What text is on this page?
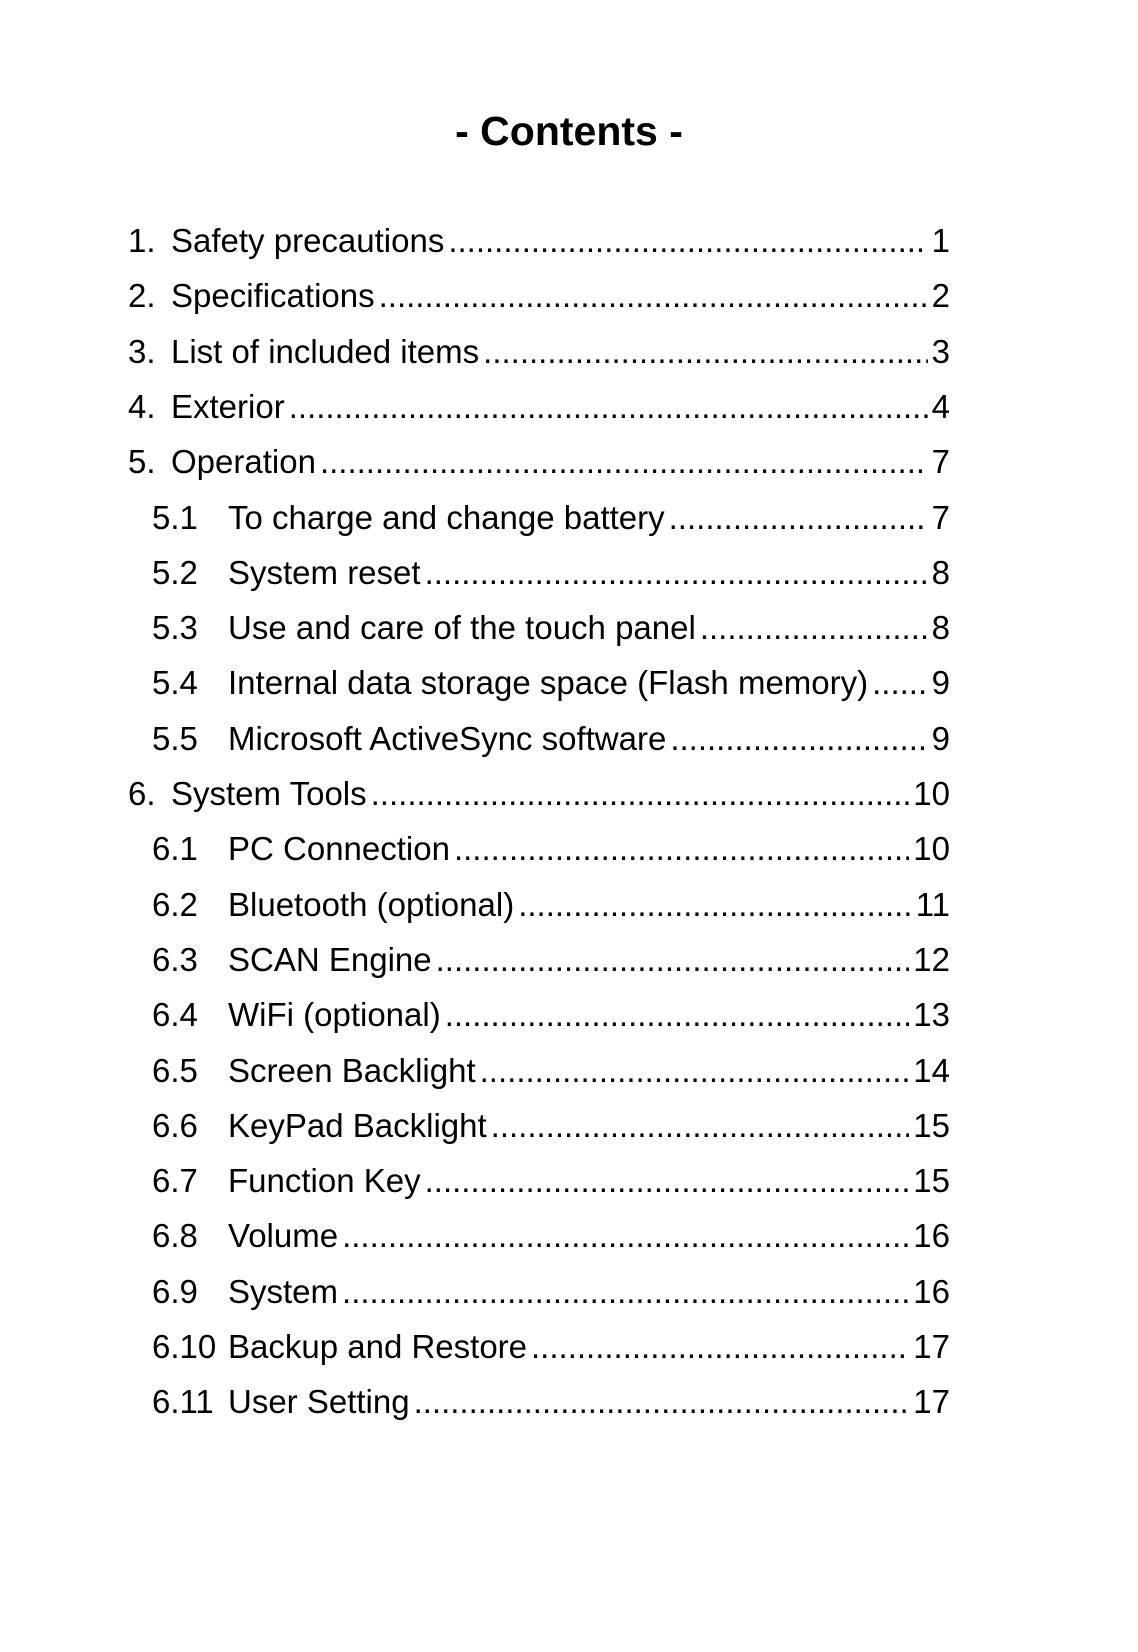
- Contents -
1. Safety precautions .....	1
2. Specifications .....	2
3. List of included items .....	3
4. Exterior .....	4
5. Operation .....	7
5.1 To charge and change battery .....	7
5.2 System reset .....	8
5.3 Use and care of the touch panel .....	8
5.4 Internal data storage space (Flash memory) ..... 9
5.5 Microsoft ActiveSync software .....	9
6. System Tools .....	10
6.1 PC Connection .....	10
6.2 Bluetooth (optional) .....	11
6.3 SCAN Engine .....	12
6.4 WiFi (optional) .....	13
6.5 Screen Backlight .....	14
6.6 KeyPad Backlight .....	15
6.7 Function Key .....	15
6.8 Volume .....	16
6.9 System .....	16
6.10 Backup and Restore .....	17
6.11 User Setting .....	17
